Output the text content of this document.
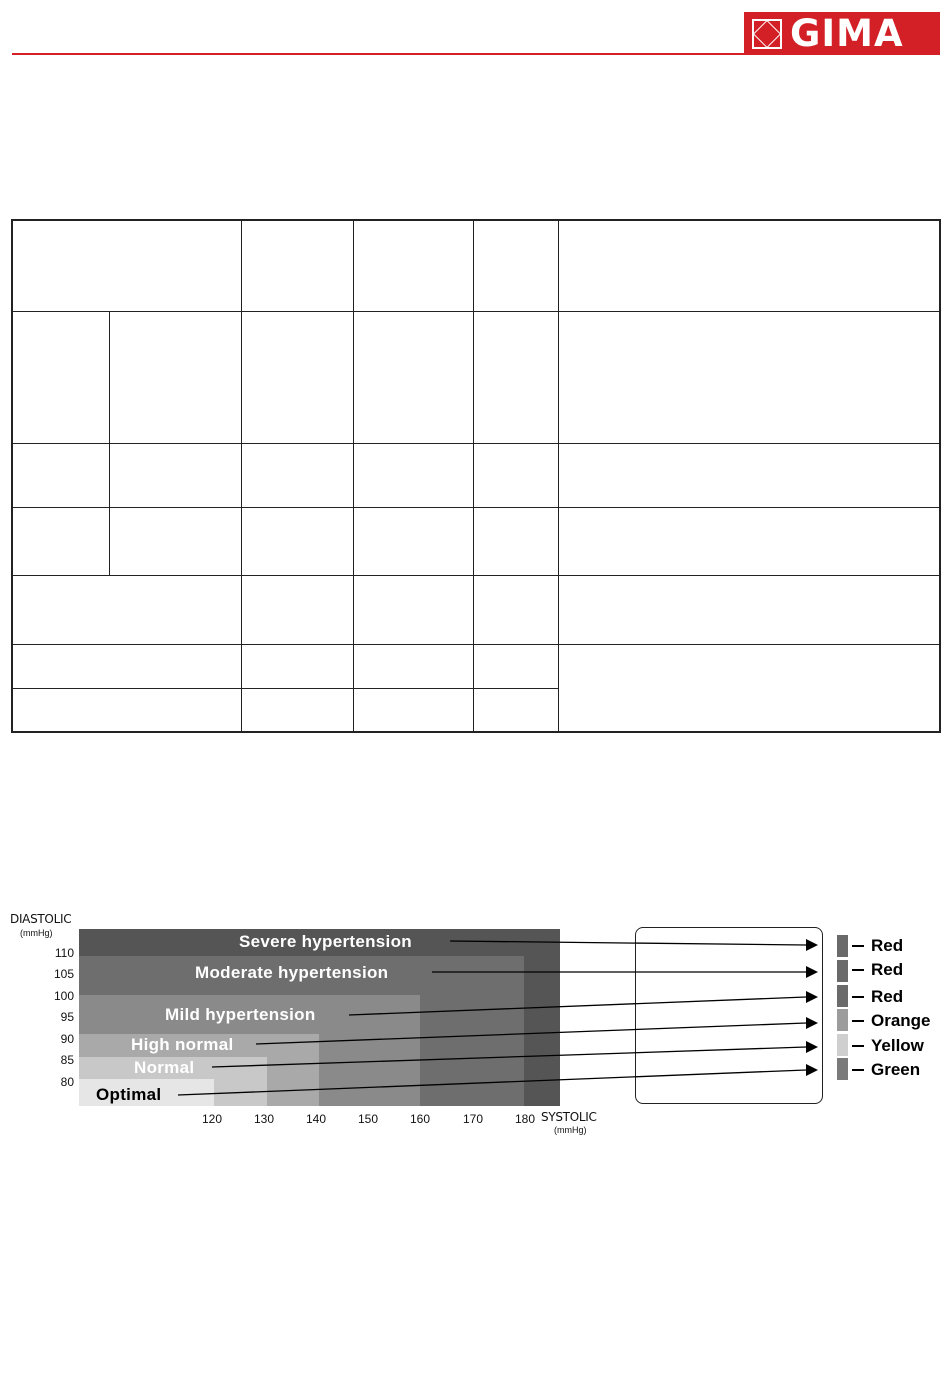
GIMA

DIASTOLIC
(mmHg)
SYSTOLIC
(mmHg)
110
105
100
95
90
85
80
120	130	140	150	160	170	180
Severe hypertension
Moderate hypertension
Mild hypertension
High normal
Normal
Optimal
Red
Red
Red
Orange
Yellow
Green
